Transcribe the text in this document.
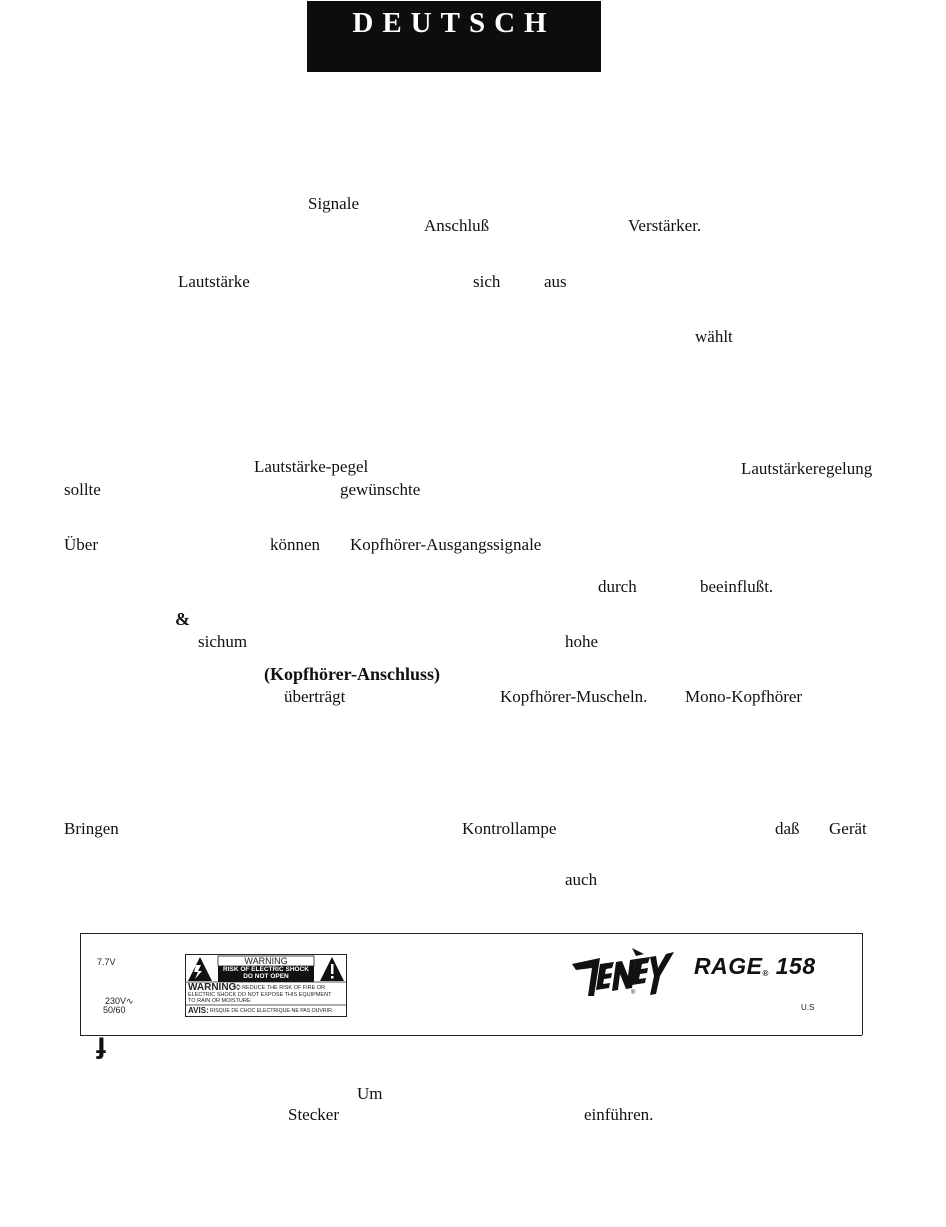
DEUTSCH
Signale
Anschluß	Verstärker.
Lautstärke	sich	aus
wählt
Lautstärke-pegel	Lautstärkeregelung
sollte	gewünschte
Über	können Kopfhörer-Ausgangssignale
durch	beeinflußt.
&
sichum	hohe
(Kopfhörer-Anschluss)
überträgt	Kopfhörer-Muscheln. Mono-Kopfhörer
Bringen	Kontrollampe	daß Gerät
auch
Um
Stecker	einführen.
ɟ
7.7V
230V∿
50/60
WARNING
RISK OF ELECTRIC SHOCK
DO NOT OPEN
WARNING:
TO REDUCE THE RISK OF FIRE OR
ELECTRIC SHOCK DO NOT EXPOSE THIS EQUIPMENT
TO RAIN OR MOISTURE.
AVIS: RISQUE DE CHOC ELECTRIQUE-NE PAS OUVRIR.
®
RAGE® 158
U.S
